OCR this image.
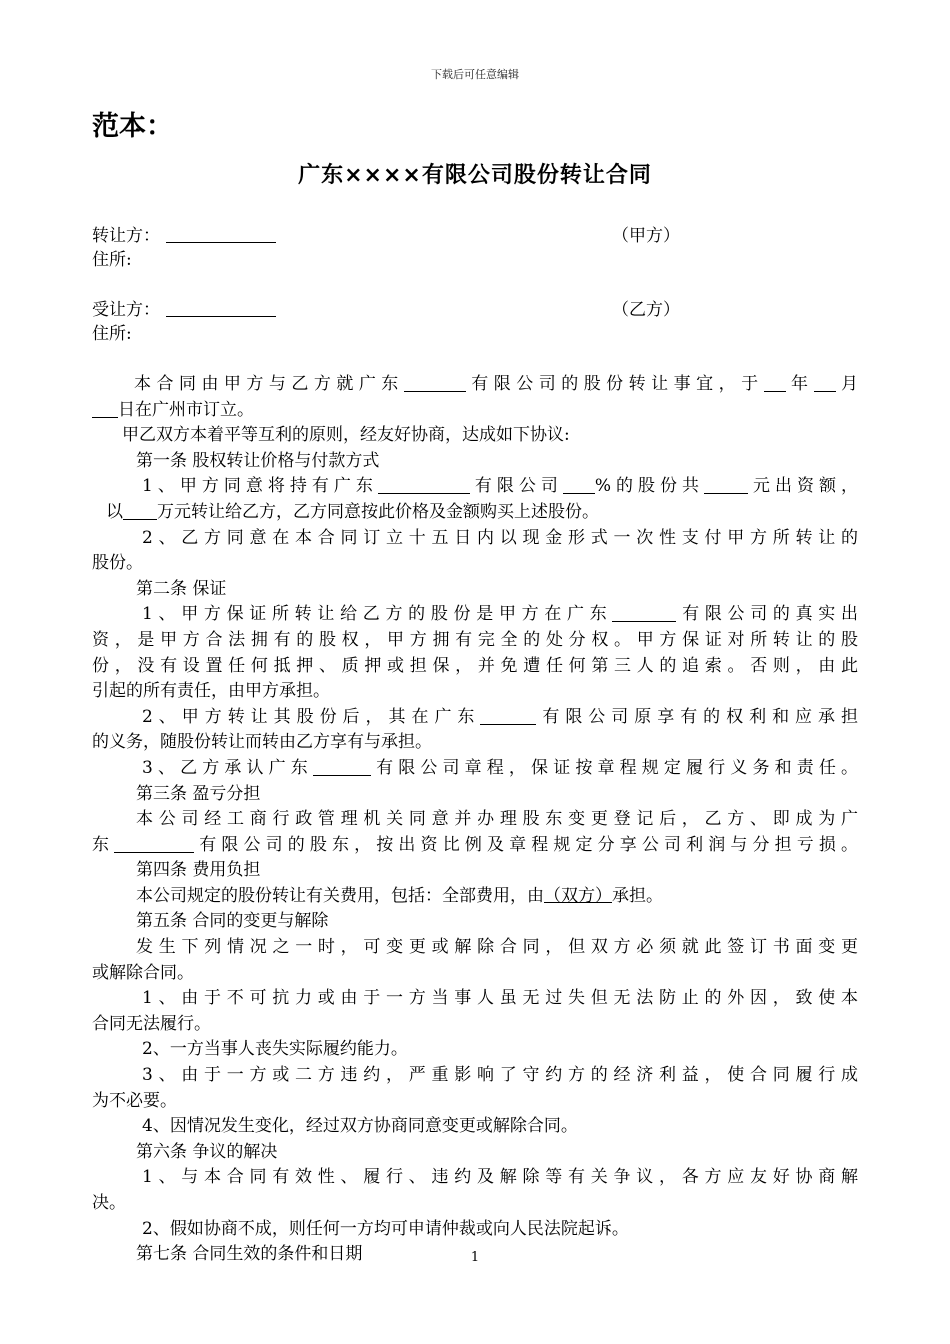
下载后可任意编辑
范本：
广东××××有限公司股份转让合同
转让方：	（甲方）
住所:
受让方：	（乙方）
住所:
本合同由甲方与乙方就广东	有限公司的股份转让事宜，于 年 月
日在广州市订立。
甲乙双方本着平等互利的原则，经友好协商，达成如下协议:
第一条 股权转让价格与付款方式
1、甲方同意将持有广东	有限公司 %的股份共	元出资额，
以 万元转让给乙方，乙方同意按此价格及金额购买上述股份。
2、乙方同意在本合同订立十五日内以现金形式一次性支付甲方所转让的
股份。
第二条 保证
1、甲方保证所转让给乙方的股份是甲方在广东	有限公司的真实出
资，是甲方合法拥有的股权，甲方拥有完全的处分权。甲方保证对所转让的股
份，没有设置任何抵押、质押或担保，并免遭任何第三人的追索。否则，由此
引起的所有责任，由甲方承担。
2、甲方转让其股份后，其在广东	有限公司原享有的权利和应承担
的义务，随股份转让而转由乙方享有与承担。
3、乙方承认广东	有限公司章程，保证按章程规定履行义务和责任。
第三条 盈亏分担
本公司经工商行政管理机关同意并办理股东变更登记后，乙方、即成为广
东	有限公司的股东，按出资比例及章程规定分享公司利润与分担亏损。
第四条 费用负担
本公司规定的股份转让有关费用，包括：全部费用，由（双方）承担。
第五条 合同的变更与解除
发生下列情况之一时，可变更或解除合同，但双方必须就此签订书面变更
或解除合同。
1、由于不可抗力或由于一方当事人虽无过失但无法防止的外因，致使本
合同无法履行。
2、一方当事人丧失实际履约能力。
3、由于一方或二方违约，严重影响了守约方的经济利益，使合同履行成
为不必要。
4、因情况发生变化，经过双方协商同意变更或解除合同。
第六条 争议的解决
1、与本合同有效性、履行、违约及解除等有关争议，各方应友好协商解
决。
2、假如协商不成，则任何一方均可申请仲裁或向人民法院起诉。
第七条 合同生效的条件和日期	1
